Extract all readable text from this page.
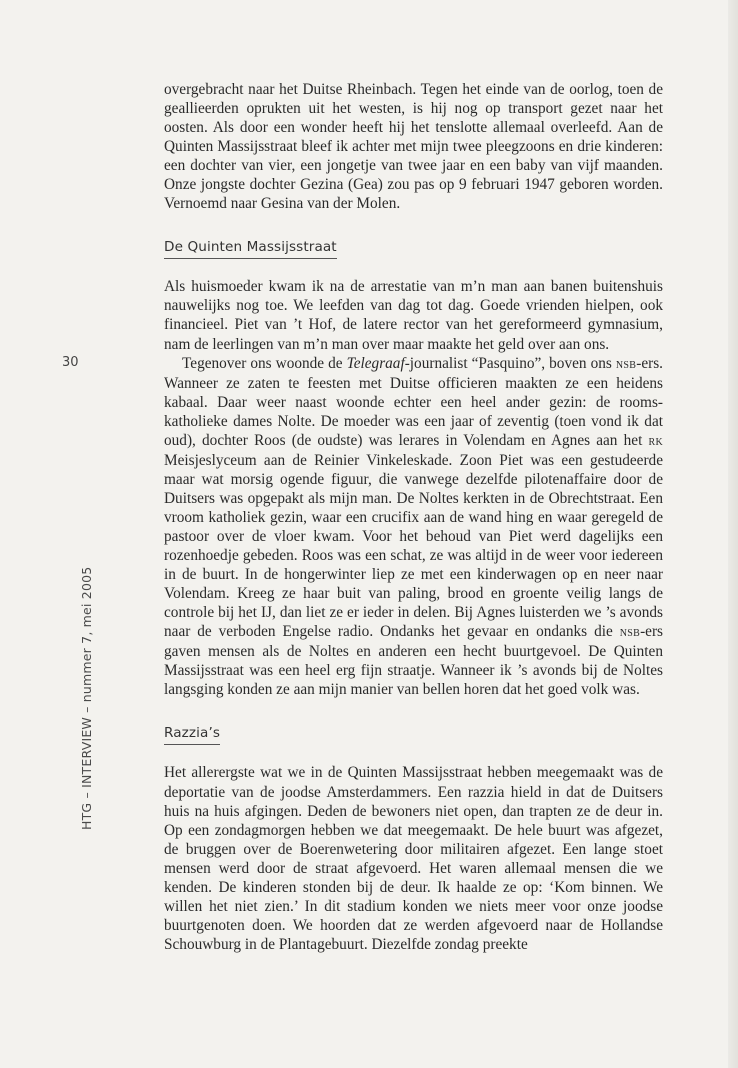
30
HTG – INTERVIEW – nummer 7, mei 2005

overgebracht naar het Duitse Rheinbach. Tegen het einde van de oorlog, toen de geallieerden oprukten uit het westen, is hij nog op transport gezet naar het oosten. Als door een wonder heeft hij het tenslotte allemaal overleefd. Aan de Quinten Massijsstraat bleef ik achter met mijn twee pleegzoons en drie kinderen: een dochter van vier, een jongetje van twee jaar en een baby van vijf maanden. Onze jongste dochter Gezina (Gea) zou pas op 9 februari 1947 geboren worden. Vernoemd naar Gesina van der Molen.

De Quinten Massijsstraat

Als huismoeder kwam ik na de arrestatie van m’n man aan banen buitenshuis nauwelijks nog toe. We leefden van dag tot dag. Goede vrienden hielpen, ook financieel. Piet van ’t Hof, de latere rector van het gereformeerd gymnasium, nam de leerlingen van m’n man over maar maakte het geld over aan ons.

Tegenover ons woonde de Telegraaf-journalist “Pasquino”, boven ons nsb-ers. Wanneer ze zaten te feesten met Duitse officieren maakten ze een heidens kabaal. Daar weer naast woonde echter een heel ander gezin: de rooms-katholieke dames Nolte. De moeder was een jaar of zeventig (toen vond ik dat oud), dochter Roos (de oudste) was lerares in Volendam en Agnes aan het rk Meisjeslyceum aan de Reinier Vinkeleskade. Zoon Piet was een gestudeerde maar wat morsig ogende figuur, die vanwege dezelfde pilotenaffaire door de Duitsers was opgepakt als mijn man. De Noltes kerkten in de Obrechtstraat. Een vroom katholiek gezin, waar een crucifix aan de wand hing en waar geregeld de pastoor over de vloer kwam. Voor het behoud van Piet werd dagelijks een rozenhoedje gebeden. Roos was een schat, ze was altijd in de weer voor iedereen in de buurt. In de hongerwinter liep ze met een kinderwagen op en neer naar Volendam. Kreeg ze haar buit van paling, brood en groente veilig langs de controle bij het IJ, dan liet ze er ieder in delen. Bij Agnes luisterden we ’s avonds naar de verboden Engelse radio. Ondanks het gevaar en ondanks die nsb-ers gaven mensen als de Noltes en anderen een hecht buurtgevoel. De Quinten Massijsstraat was een heel erg fijn straatje. Wanneer ik ’s avonds bij de Noltes langsging konden ze aan mijn manier van bellen horen dat het goed volk was.

Razzia’s

Het allerergste wat we in de Quinten Massijsstraat hebben meegemaakt was de deportatie van de joodse Amsterdammers. Een razzia hield in dat de Duitsers huis na huis afgingen. Deden de bewoners niet open, dan trapten ze de deur in. Op een zondagmorgen hebben we dat meegemaakt. De hele buurt was afgezet, de bruggen over de Boerenwetering door militairen afgezet. Een lange stoet mensen werd door de straat afgevoerd. Het waren allemaal mensen die we kenden. De kinderen stonden bij de deur. Ik haalde ze op: ‘Kom binnen. We willen het niet zien.’ In dit stadium konden we niets meer voor onze joodse buurtgenoten doen. We hoorden dat ze werden afgevoerd naar de Hollandse Schouwburg in de Plantagebuurt. Diezelfde zondag preekte
